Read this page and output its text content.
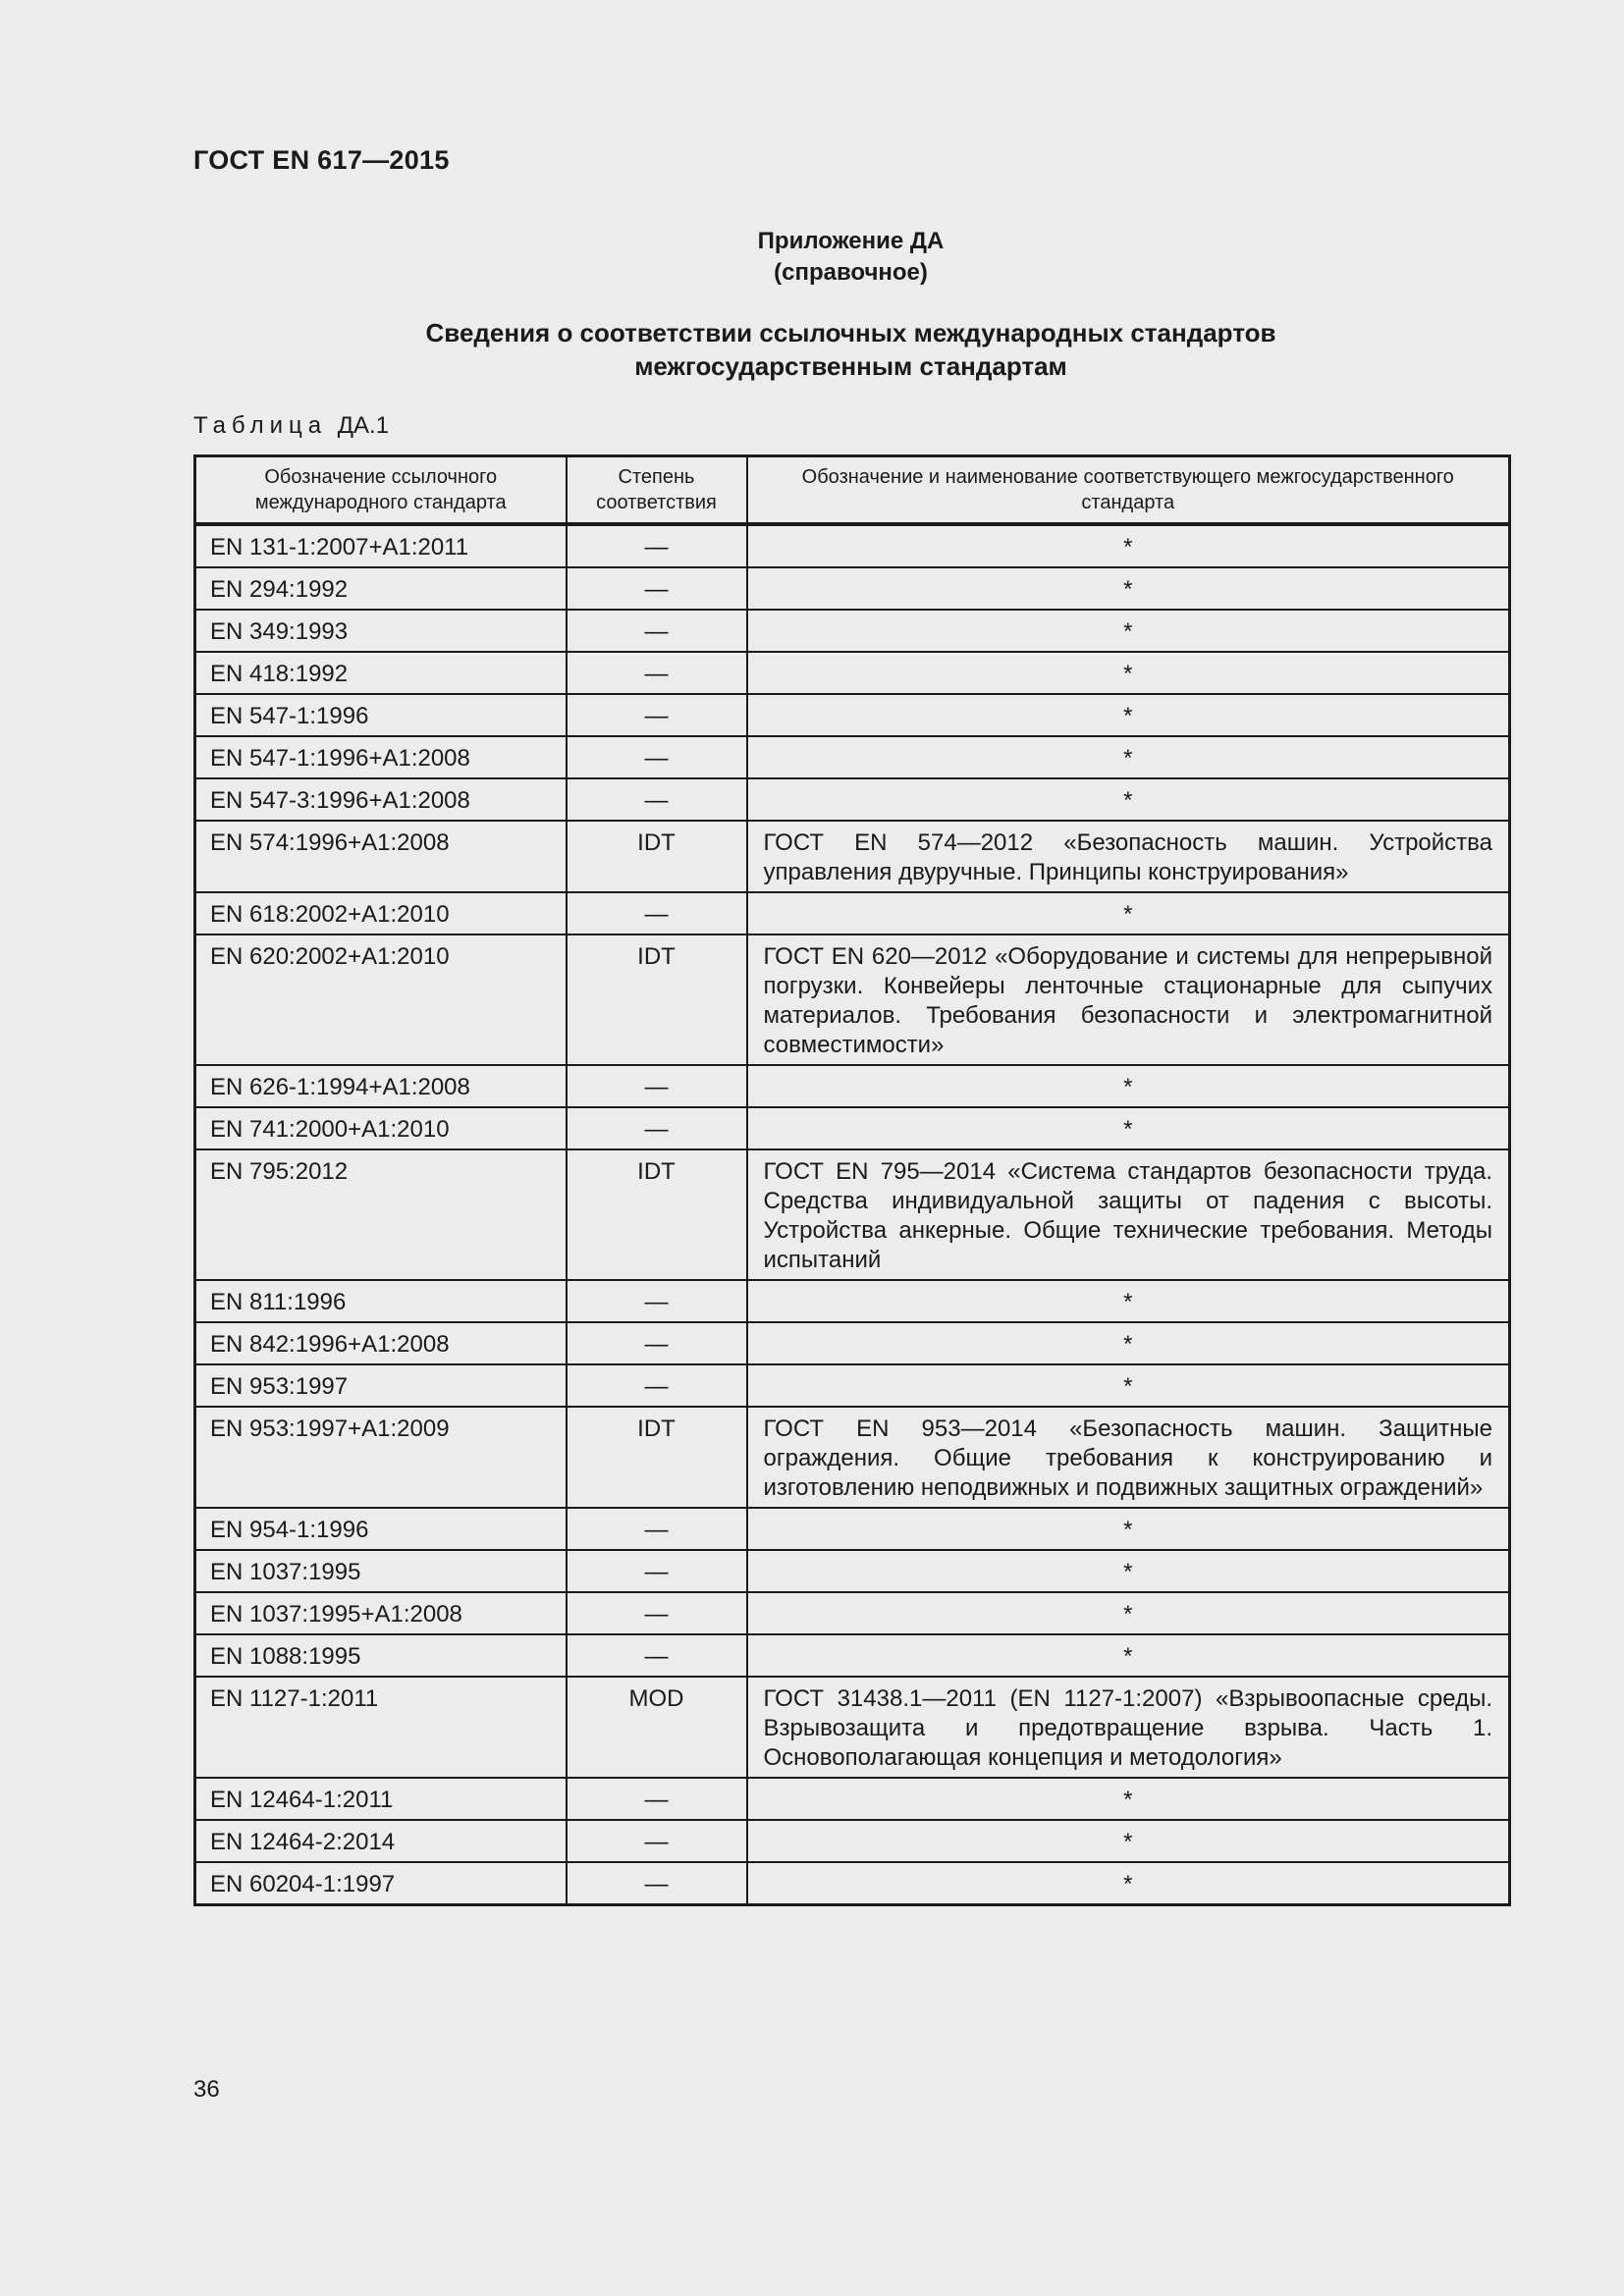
ГОСТ EN 617—2015
Приложение ДА
(справочное)
Сведения о соответствии ссылочных международных стандартов
межгосударственным стандартам
Таблица ДА.1
Обозначение ссылочного международного стандарта	Степень соответствия	Обозначение и наименование соответствующего межгосударственного стандарта
EN 131-1:2007+A1:2011	—	*
EN 294:1992	—	*
EN 349:1993	—	*
EN 418:1992	—	*
EN 547-1:1996	—	*
EN 547-1:1996+A1:2008	—	*
EN 547-3:1996+A1:2008	—	*
EN 574:1996+A1:2008	IDT	ГОСТ EN 574—2012 «Безопасность машин. Устройства управления двуручные. Принципы конструирования»
EN 618:2002+A1:2010	—	*
EN 620:2002+A1:2010	IDT	ГОСТ EN 620—2012 «Оборудование и системы для непрерывной погрузки. Конвейеры ленточные стационарные для сыпучих материалов. Требования безопасности и электромагнитной совместимости»
EN 626-1:1994+A1:2008	—	*
EN 741:2000+A1:2010	—	*
EN 795:2012	IDT	ГОСТ EN 795—2014 «Система стандартов безопасности труда. Средства индивидуальной защиты от падения с высоты. Устройства анкерные. Общие технические требования. Методы испытаний
EN 811:1996	—	*
EN 842:1996+A1:2008	—	*
EN 953:1997	—	*
EN 953:1997+A1:2009	IDT	ГОСТ EN 953—2014 «Безопасность машин. Защитные ограждения. Общие требования к конструированию и изготовлению неподвижных и подвижных защитных ограждений»
EN 954-1:1996	—	*
EN 1037:1995	—	*
EN 1037:1995+A1:2008	—	*
EN 1088:1995	—	*
EN 1127-1:2011	MOD	ГОСТ 31438.1—2011 (EN 1127-1:2007) «Взрывоопасные среды. Взрывозащита и предотвращение взрыва. Часть 1. Основополагающая концепция и методология»
EN 12464-1:2011	—	*
EN 12464-2:2014	—	*
EN 60204-1:1997	—	*
36
